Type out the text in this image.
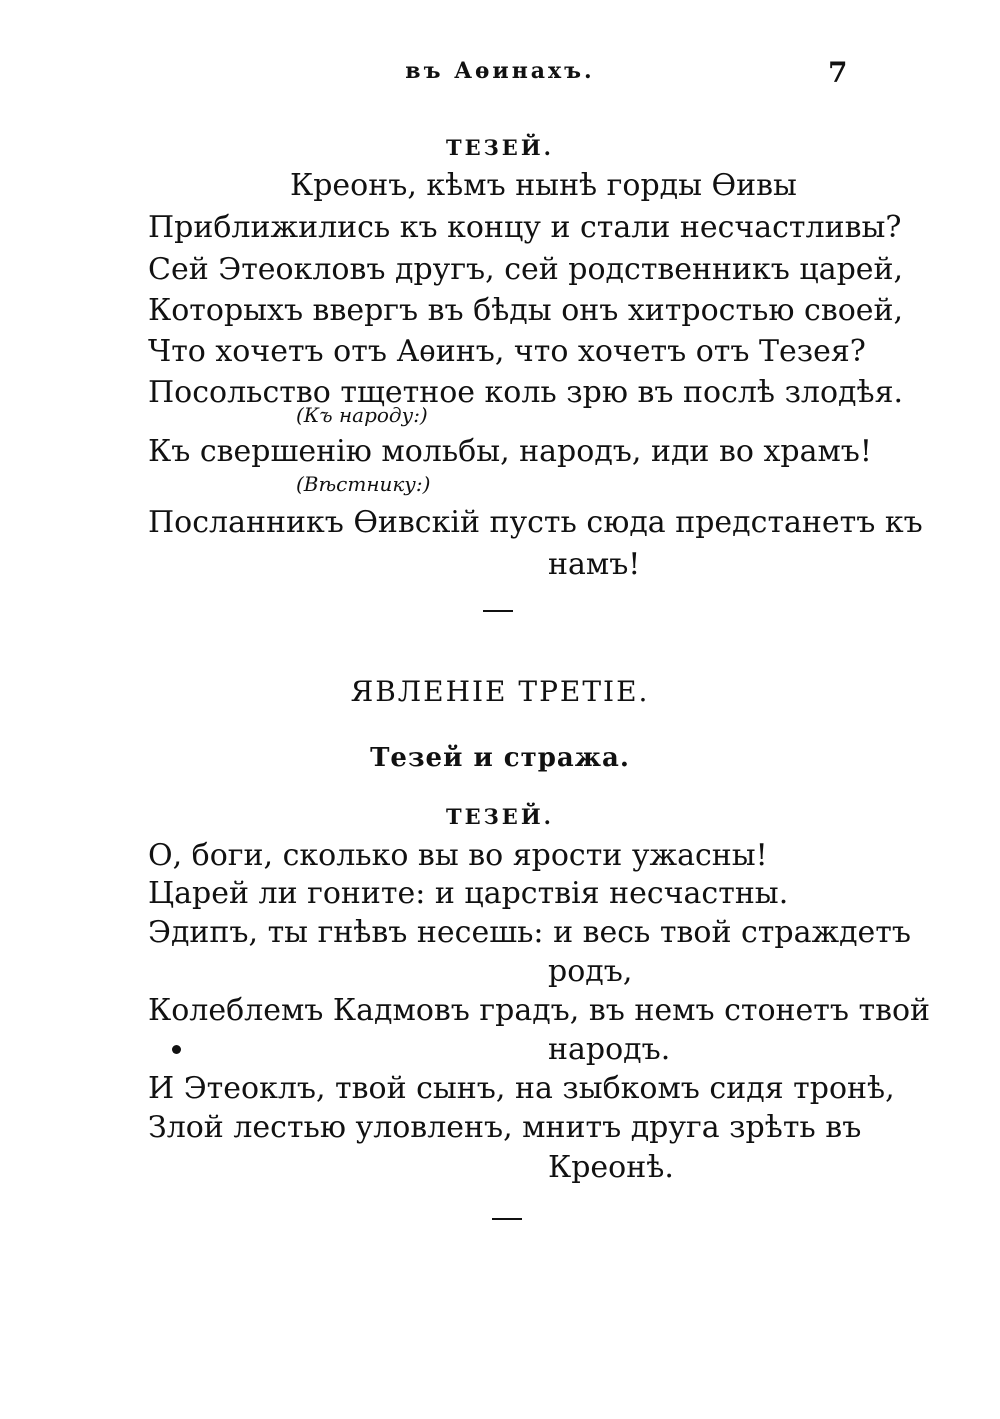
въ Аѳинахъ.	7
ТЕЗЕЙ.
Креонъ, кѣмъ нынѣ горды Ѳивы
Приближились къ концу и стали несчастливы?
Сей Этеокловъ другъ, сей родственникъ царей,
Которыхъ ввергъ въ бѣды онъ хитростью своей,
Что хочетъ отъ Аѳинъ, что хочетъ отъ Тезея?
Посольство тщетное коль зрю въ послѣ злодѣя.
(Къ народу:)
Къ свершенію мольбы, народъ, иди во храмъ!
(Вѣстнику:)
Посланникъ Ѳивскій пусть сюда предстанетъ къ
намъ!
ЯВЛЕНІЕ ТРЕТІЕ.
Тезей и стража.
ТЕЗЕЙ.
О, боги, сколько вы во ярости ужасны!
Царей ли гоните: и царствія несчастны.
Эдипъ, ты гнѣвъ несешь: и весь твой страждетъ
родъ,
Колеблемъ Кадмовъ градъ, въ немъ стонетъ твой
народъ.
И Этеоклъ, твой сынъ, на зыбкомъ сидя тронѣ,
Злой лестью уловленъ, мнитъ друга зрѣть въ
Креонѣ.
